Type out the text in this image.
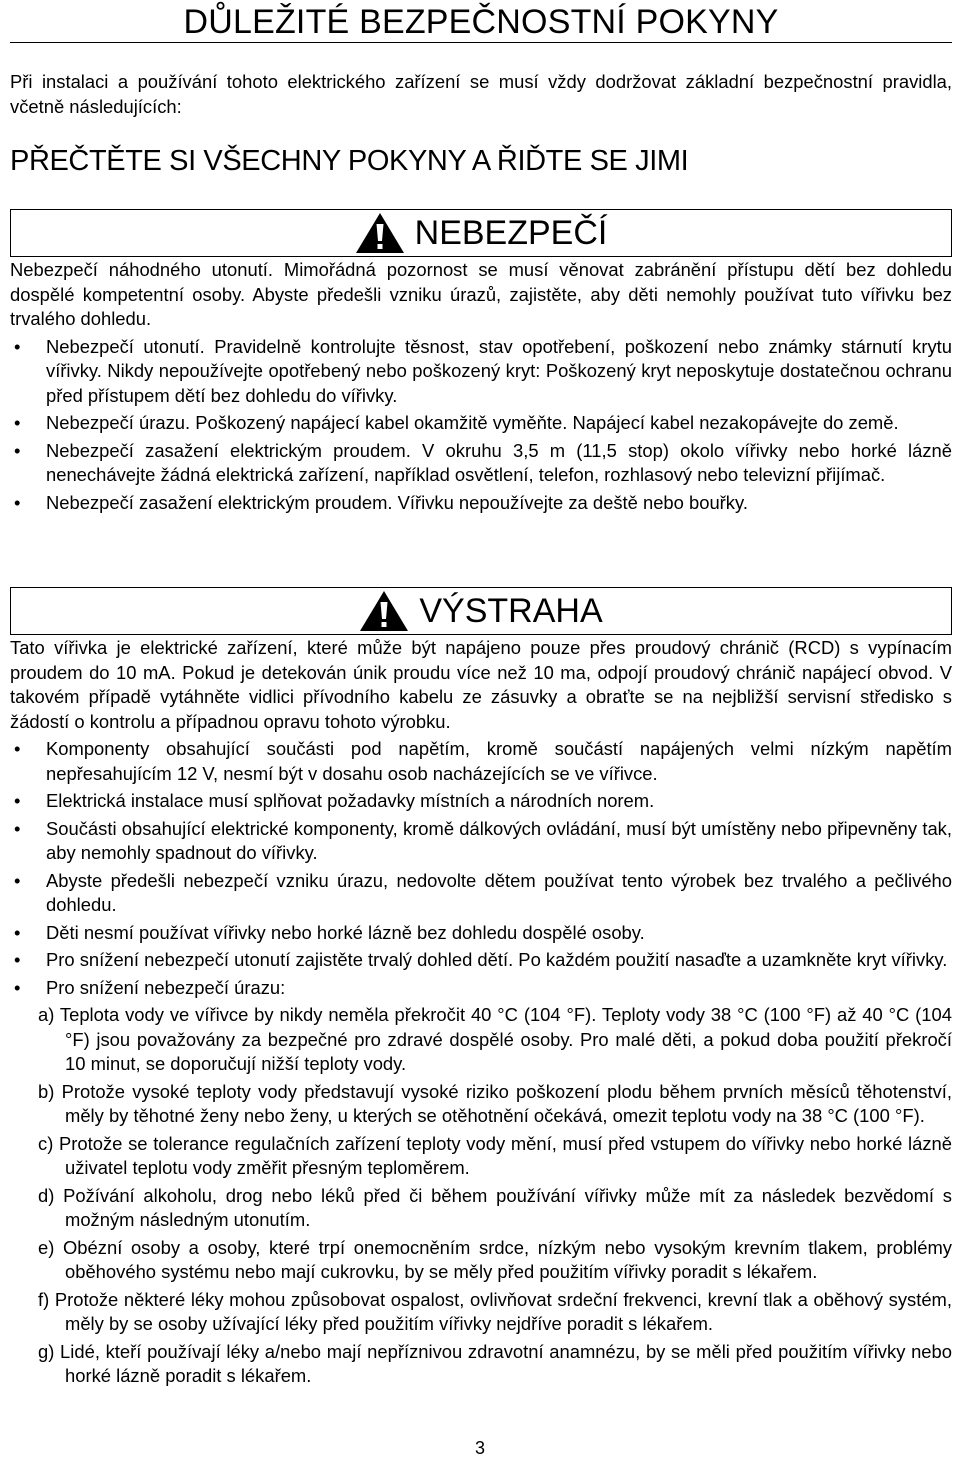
DŮLEŽITÉ BEZPEČNOSTNÍ POKYNY
Při instalaci a používání tohoto elektrického zařízení se musí vždy dodržovat základní bezpečnostní pravidla, včetně následujících:
PŘEČTĚTE SI VŠECHNY POKYNY A ŘIĎTE SE JIMI
NEBEZPEČÍ
Nebezpečí náhodného utonutí. Mimořádná pozornost se musí věnovat zabránění přístupu dětí bez dohledu dospělé kompetentní osoby. Abyste předešli vzniku úrazů, zajistěte, aby děti nemohly používat tuto vířivku bez trvalého dohledu.
• Nebezpečí utonutí. Pravidelně kontrolujte těsnost, stav opotřebení, poškození nebo známky stárnutí krytu vířivky. Nikdy nepoužívejte opotřebený nebo poškozený kryt: Poškozený kryt neposkytuje dostatečnou ochranu před přístupem dětí bez dohledu do vířivky.
• Nebezpečí úrazu. Poškozený napájecí kabel okamžitě vyměňte. Napájecí kabel nezakopávejte do země.
• Nebezpečí zasažení elektrickým proudem. V okruhu 3,5 m (11,5 stop) okolo vířivky nebo horké lázně nenechávejte žádná elektrická zařízení, například osvětlení, telefon, rozhlasový nebo televizní přijímač.
• Nebezpečí zasažení elektrickým proudem. Vířivku nepoužívejte za deště nebo bouřky.
VÝSTRAHA
Tato vířivka je elektrické zařízení, které může být napájeno pouze přes proudový chránič (RCD) s vypínacím proudem do 10 mA. Pokud je detekován únik proudu více než 10 ma, odpojí proudový chránič napájecí obvod. V takovém případě vytáhněte vidlici přívodního kabelu ze zásuvky a obraťte se na nejbližší servisní středisko s žádostí o kontrolu a případnou opravu tohoto výrobku.
• Komponenty obsahující součásti pod napětím, kromě součástí napájených velmi nízkým napětím nepřesahujícím 12 V, nesmí být v dosahu osob nacházejících se ve vířivce.
• Elektrická instalace musí splňovat požadavky místních a národních norem.
• Součásti obsahující elektrické komponenty, kromě dálkových ovládání, musí být umístěny nebo připevněny tak, aby nemohly spadnout do vířivky.
• Abyste předešli nebezpečí vzniku úrazu, nedovolte dětem používat tento výrobek bez trvalého a pečlivého dohledu.
• Děti nesmí používat vířivky nebo horké lázně bez dohledu dospělé osoby.
• Pro snížení nebezpečí utonutí zajistěte trvalý dohled dětí. Po každém použití nasaďte a uzamkněte kryt vířivky.
• Pro snížení nebezpečí úrazu:
a) Teplota vody ve vířivce by nikdy neměla překročit 40 °C (104 °F). Teploty vody 38 °C (100 °F) až 40 °C (104 °F) jsou považovány za bezpečné pro zdravé dospělé osoby. Pro malé děti, a pokud doba použití překročí 10 minut, se doporučují nižší teploty vody.
b) Protože vysoké teploty vody představují vysoké riziko poškození plodu během prvních měsíců těhotenství, měly by těhotné ženy nebo ženy, u kterých se otěhotnění očekává, omezit teplotu vody na 38 °C (100 °F).
c) Protože se tolerance regulačních zařízení teploty vody mění, musí před vstupem do vířivky nebo horké lázně uživatel teplotu vody změřit přesným teploměrem.
d) Požívání alkoholu, drog nebo léků před či během používání vířivky může mít za následek bezvědomí s možným následným utonutím.
e) Obézní osoby a osoby, které trpí onemocněním srdce, nízkým nebo vysokým krevním tlakem, problémy oběhového systému nebo mají cukrovku, by se měly před použitím vířivky poradit s lékařem.
f) Protože některé léky mohou způsobovat ospalost, ovlivňovat srdeční frekvenci, krevní tlak a oběhový systém, měly by se osoby užívající léky před použitím vířivky nejdříve poradit s lékařem.
g) Lidé, kteří používají léky a/nebo mají nepříznivou zdravotní anamnézu, by se měli před použitím vířivky nebo horké lázně poradit s lékařem.
3
